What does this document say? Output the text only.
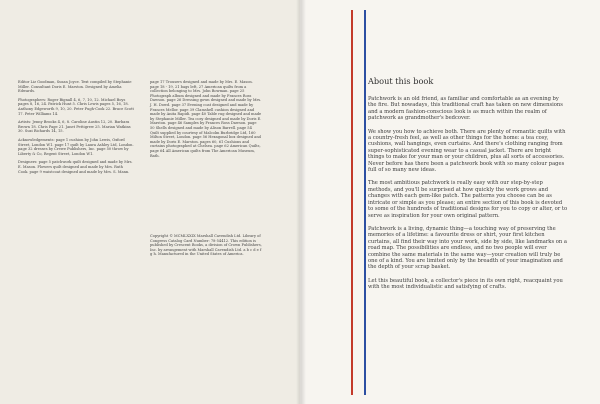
Editor Liz Goodman, Susan Joyce. Text compiled by Stephanie Miller. Consultant Doris E. Marston. Designed by Amelia Edwards.

Photographers: Roger Bignall 4, 6, 7, 10, 12. Michael Boys pages 8, 16, 24. Patrick Hunt 5. Chris Lewis pages 5, 16, 18. Anthony Edgeworth 9, 10, 20. Peter Pugh-Cook 22. Bruce Scott 17. Peter Williams 14.

Artists: Jenny Brooks 4, 6, 8. Caroline Austin 12, 20. Barbara Brown 18. Chris Page 21. Janet Pettigrew 25. Marian Watkins 30. Suzi Richards 14, 15.

Acknowledgements: page 1 cushion by John Lewis, Oxford Street, London W1. page 17 quilt by Laura Ashley Ltd, London. page 32 dresses by Crewe Publishers, Inc. page 50 throw by Liberty & Co, Regent Street, London W1.

Designers: page 5 patchwork quilt designed and made by Mrs. E. Mason. Flowers quilt designed and made by Mrs. Ruth Cook. page 9 waistcoat designed and made by Mrs. S. Mann.

page 17 Trousers designed and made by Mrs. E. Mason. page 18 - 19, 21 bags left, 27 American quilts from a collection belonging to Mrs. John Bowman. page 25 Photograph album designed and made by Frances Ross Dawson. page 26 Dressing gown designed and made by Mrs. J. H. Dowd. page 37 Evening coat designed and made by Frances Mellor. page 39 Clamshell cushion designed and made by Anita Rapidi. page 40 Table rug designed and made by Stephanie Miller. Tea cosy designed and made by Doris E. Marston. page 46 Samples by Frances Ross Dawson. page 50 Shells designed and made by Alison Barrell. page 54 Quilt supplied by courtesy of Malcolm Burbridge Ltd, 160 Milton Street, London. page 56 Hexagonal box designed and made by Doris E. Marston. pages 60, 61 Cushions and curtains photographed at Chelsea. page 62 American Quilts, page 64 All American quilts from The American Museum, Bath.

Copyright © MCMLXXIX Marshall Cavendish Ltd. Library of Congress Catalog Card Number: 78-54412. This edition is published by Crescent Books, a division of Crown Publishers, Inc. by arrangement with Marshall Cavendish Ltd. a b c d e f g h. Manufactured in the United States of America.

About this book

Patchwork is an old friend, as familiar and comfortable as an evening by the fire. But nowadays, this traditional craft has taken on new dimensions and a modern fashion-conscious look is as much within the realm of patchwork as grandmother's bedcover.

We show you how to achieve both. There are plenty of romantic quilts with a country-fresh feel, as well as other things for the home: a tea cosy, cushions, wall hangings, even curtains. And there's clothing ranging from super-sophisticated evening wear to a casual jacket. There are bright things to make for your man or your children, plus all sorts of accessories. Never before has there been a patchwork book with so many colour pages full of so many new ideas.

The most ambitious patchwork is really easy with our step-by-step methods, and you'll be surprised at how quickly the work grows and changes with each gem-like patch. The patterns you choose can be as intricate or simple as you please; an entire section of this book is devoted to some of the hundreds of traditional designs for you to copy or alter, or to serve as inspiration for your own original pattern.

Patchwork is a living, dynamic thing—a touching way of preserving the memories of a lifetime: a favourite dress or shirt, your first kitchen curtains, all find their way into your work, side by side, like landmarks on a road map. The possibilities are endless, and no two people will ever combine the same materials in the same way—your creation will truly be one of a kind. You are limited only by the breadth of your imagination and the depth of your scrap basket.

Let this beautiful book, a collector's piece in its own right, reacquaint you with the most individualistic and satisfying of crafts.
